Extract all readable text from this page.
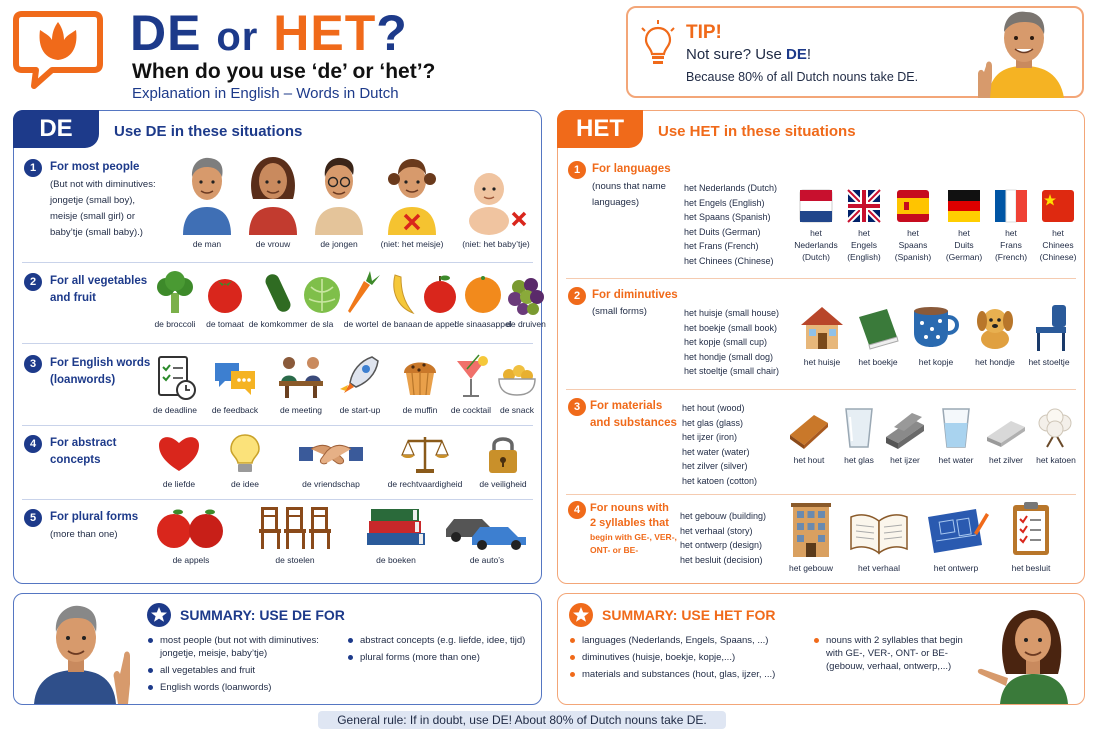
DE or HET?
When do you use ‘de’ or ‘het’?
Explanation in English – Words in Dutch
TIP!
Not sure? Use DE!
Because 80% of all Dutch nouns take DE.
DE	Use DE in these situations
1	For most people
(But not with diminutives:
jongetje (small boy),
meisje (small girl) or
baby’tje (small baby).)
de man	de vrouw	de jongen	(niet: het meisje)	(niet: het baby’tje)
2	For all vegetables
and fruit
de broccoli	de tomaat de komkommer de sla	de wortel de banaan de appel
de sinaasappel
de druiven
3	For English words
(loanwords)
de deadline	de feedback	de meeting	de start-up	de muffin	de cocktail	de snack
4	For abstract
concepts
de liefde	de idee	de vriendschap	de rechtvaardigheid	de veiligheid
5	For plural forms
(more than one)
de appels	de stoelen	de boeken	de auto’s
HET	Use HET in these situations
1	For languages
(nouns that name
languages)
het Nederlands (Dutch)
het Engels (English)
het Spaans (Spanish)
het Duits (German)
het Frans (French)
het Chinees (Chinese)
het
Nederlands
(Dutch)
het
Engels
(English)
het
Spaans
(Spanish)
het
Duits
(German)
het
Frans
(French)
het
Chinees
(Chinese)
2	For diminutives
(small forms)	het huisje (small house)
het boekje (small book)
het kopje (small cup)
het hondje (small dog)
het stoeltje (small chair)
het huisje	het boekje	het kopje	het hondje	het stoeltje
3 For materials
and substances
het hout (wood)
het glas (glass)
het ijzer (iron)
het water (water)
het zilver (silver)
het katoen (cotton)
het hout	het glas	het ijzer	het water	het zilver	het katoen
4 For nouns with
2 syllables that
begin with GE-, VER-,
ONT- or BE-
het gebouw (building)
het verhaal (story)
het ontwerp (design)
het besluit (decision)
het gebouw	het verhaal	het ontwerp	het besluit
SUMMARY: USE DE FOR
most people (but not with diminutives: jongetje, meisje, baby’tje)
all vegetables and fruit
English words (loanwords)
abstract concepts (e.g. liefde, idee, tijd)
plural forms (more than one)
SUMMARY: USE HET FOR
languages (Nederlands, Engels, Spaans, ...)
diminutives (huisje, boekje, kopje,...)
materials and substances (hout, glas, ijzer, ...)
nouns with 2 syllables that begin with GE-, VER-, ONT- or BE- (gebouw, verhaal, ontwerp,...)
General rule: If in doubt, use DE! About 80% of Dutch nouns take DE.
